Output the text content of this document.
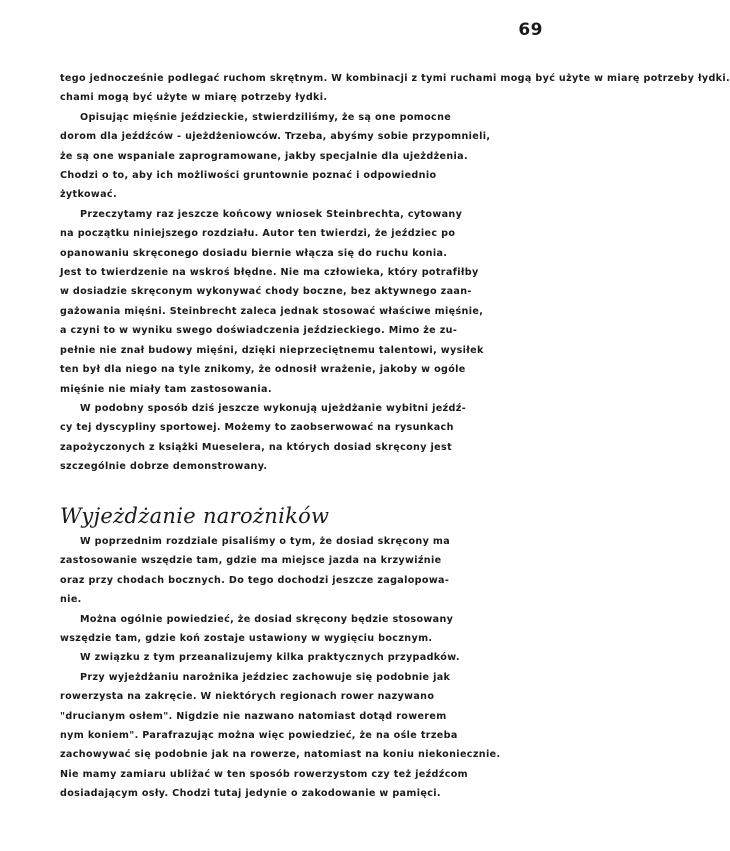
69

tego jednocześnie podlegać ruchom skrętnym. W kombinacji z tymi ruchami mogą być użyte w miarę potrzeby łydki.

chami mogą być użyte w miarę potrzeby łydki.

Opisując mięśnie jeździeckie, stwierdziliśmy, że są one pomocne

dorom dla jeźdźców - ujeżdżeniowców. Trzeba, abyśmy sobie przypomnieli,

że są one wspaniale zaprogramowane, jakby specjalnie dla ujeżdżenia.

Chodzi o to, aby ich możliwości gruntownie poznać i odpowiednio

żytkować.

Przeczytamy raz jeszcze końcowy wniosek Steinbrechta, cytowany

na początku niniejszego rozdziału. Autor ten twierdzi, że jeździec po

opanowaniu skręconego dosiadu biernie włącza się do ruchu konia.

Jest to twierdzenie na wskroś błędne. Nie ma człowieka, który potrafiłby

w dosiadzie skręconym wykonywać chody boczne, bez aktywnego zaan-

gażowania mięśni. Steinbrecht zaleca jednak stosować właściwe mięśnie,

a czyni to w wyniku swego doświadczenia jeździeckiego. Mimo że zu-

pełnie nie znał budowy mięśni, dzięki nieprzeciętnemu talentowi, wysiłek

ten był dla niego na tyle znikomy, że odnosił wrażenie, jakoby w ogóle

mięśnie nie miały tam zastosowania.

W podobny sposób dziś jeszcze wykonują ujeżdżanie wybitni jeźdź-

cy tej dyscypliny sportowej. Możemy to zaobserwować na rysunkach

zapożyczonych z książki Mueselera, na których dosiad skręcony jest

szczególnie dobrze demonstrowany.

Wyjeżdżanie narożników

W poprzednim rozdziale pisaliśmy o tym, że dosiad skręcony ma

zastosowanie wszędzie tam, gdzie ma miejsce jazda na krzywiźnie

oraz przy chodach bocznych. Do tego dochodzi jeszcze zagalopowa-

nie.

Można ogólnie powiedzieć, że dosiad skręcony będzie stosowany

wszędzie tam, gdzie koń zostaje ustawiony w wygięciu bocznym.

W związku z tym przeanalizujemy kilka praktycznych przypadków.

Przy wyjeżdżaniu narożnika jeździec zachowuje się podobnie jak

rowerzysta na zakręcie. W niektórych regionach rower nazywano

"drucianym osłem". Nigdzie nie nazwano natomiast dotąd rowerem

nym koniem". Parafrazując można więc powiedzieć, że na ośle trzeba

zachowywać się podobnie jak na rowerze, natomiast na koniu niekoniecznie.

Nie mamy zamiaru ubliżać w ten sposób rowerzystom czy też jeźdźcom

dosiadającym osły. Chodzi tutaj jedynie o zakodowanie w pamięci.
